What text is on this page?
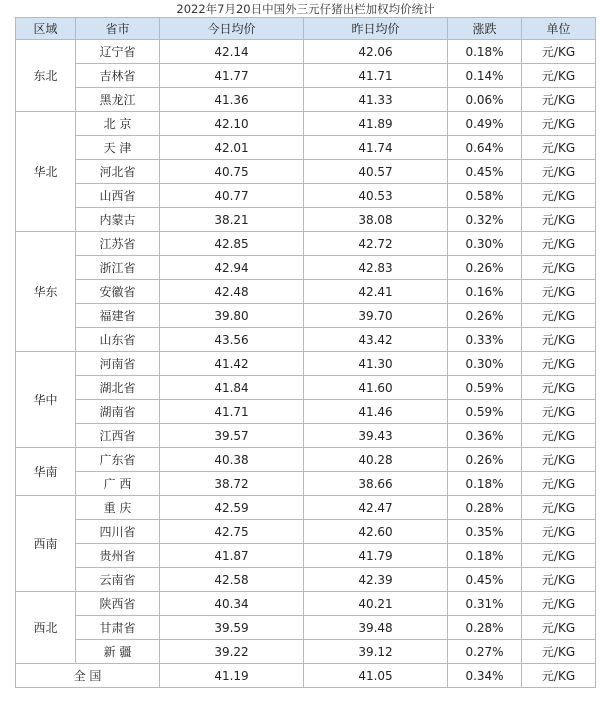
2022年7月20日中国外三元仔猪出栏加权均价统计					
区域	省市	今日均价	昨日均价	涨跌	单位
东北	辽宁省	42.14	42.06	0.18%	元/KG
	吉林省	41.77	41.71	0.14%	元/KG
	黑龙江	41.36	41.33	0.06%	元/KG
华北	北 京	42.10	41.89	0.49%	元/KG
	天 津	42.01	41.74	0.64%	元/KG
	河北省	40.75	40.57	0.45%	元/KG
	山西省	40.77	40.53	0.58%	元/KG
	内蒙古	38.21	38.08	0.32%	元/KG
华东	江苏省	42.85	42.72	0.30%	元/KG
	浙江省	42.94	42.83	0.26%	元/KG
	安徽省	42.48	42.41	0.16%	元/KG
	福建省	39.80	39.70	0.26%	元/KG
	山东省	43.56	43.42	0.33%	元/KG
华中	河南省	41.42	41.30	0.30%	元/KG
	湖北省	41.84	41.60	0.59%	元/KG
	湖南省	41.71	41.46	0.59%	元/KG
	江西省	39.57	39.43	0.36%	元/KG
华南	广东省	40.38	40.28	0.26%	元/KG
	广 西	38.72	38.66	0.18%	元/KG
西南	重 庆	42.59	42.47	0.28%	元/KG
	四川省	42.75	42.60	0.35%	元/KG
	贵州省	41.87	41.79	0.18%	元/KG
	云南省	42.58	42.39	0.45%	元/KG
西北	陕西省	40.34	40.21	0.31%	元/KG
	甘肃省	39.59	39.48	0.28%	元/KG
	新 疆	39.22	39.12	0.27%	元/KG
全 国		41.19	41.05	0.34%	元/KG
